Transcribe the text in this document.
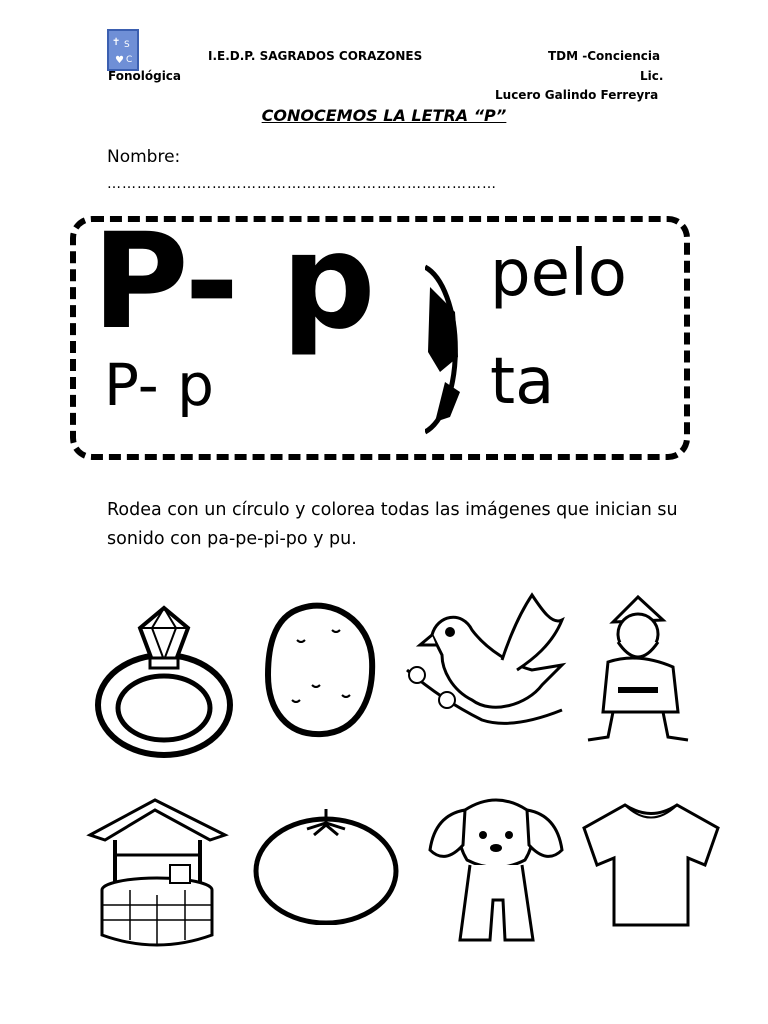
✝ S
♥ C	I.E.D.P. SAGRADOS CORAZONES	TDM -Conciencia
Fonológica	Lic.
Lucero Galindo Ferreyra
CONOCEMOS LA LETRA “P”
Nombre:
……………………………………………………………………
P- p
P- p
pelo
ta
Rodea con un círculo y colorea todas las imágenes que inician su sonido con pa-pe-pi-po y pu.
